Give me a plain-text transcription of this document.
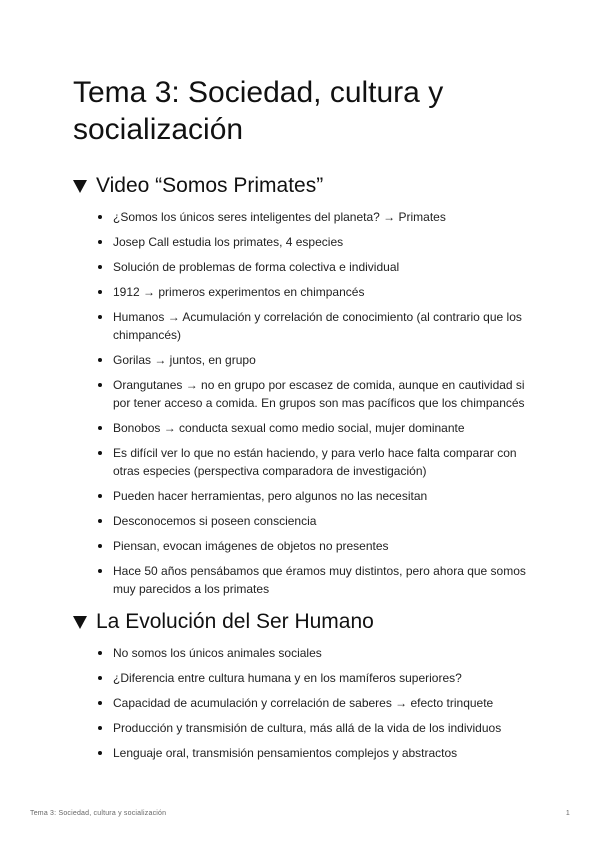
Tema 3: Sociedad, cultura y socialización
Video “Somos Primates”
¿Somos los únicos seres inteligentes del planeta? → Primates
Josep Call estudia los primates, 4 especies
Solución de problemas de forma colectiva e individual
1912 → primeros experimentos en chimpancés
Humanos → Acumulación y correlación de conocimiento (al contrario que los chimpancés)
Gorilas → juntos, en grupo
Orangutanes → no en grupo por escasez de comida, aunque en cautividad si por tener acceso a comida. En grupos son mas pacíficos que los chimpancés
Bonobos → conducta sexual como medio social, mujer dominante
Es difícil ver lo que no están haciendo, y para verlo hace falta comparar con otras especies (perspectiva comparadora de investigación)
Pueden hacer herramientas, pero algunos no las necesitan
Desconocemos si poseen consciencia
Piensan, evocan imágenes de objetos no presentes
Hace 50 años pensábamos que éramos muy distintos, pero ahora que somos muy parecidos a los primates
La Evolución del Ser Humano
No somos los únicos animales sociales
¿Diferencia entre cultura humana y en los mamíferos superiores?
Capacidad de acumulación y correlación de saberes → efecto trinquete
Producción y transmisión de cultura, más allá de la vida de los individuos
Lenguaje oral, transmisión pensamientos complejos y abstractos
Tema 3: Sociedad, cultura y socialización	1
